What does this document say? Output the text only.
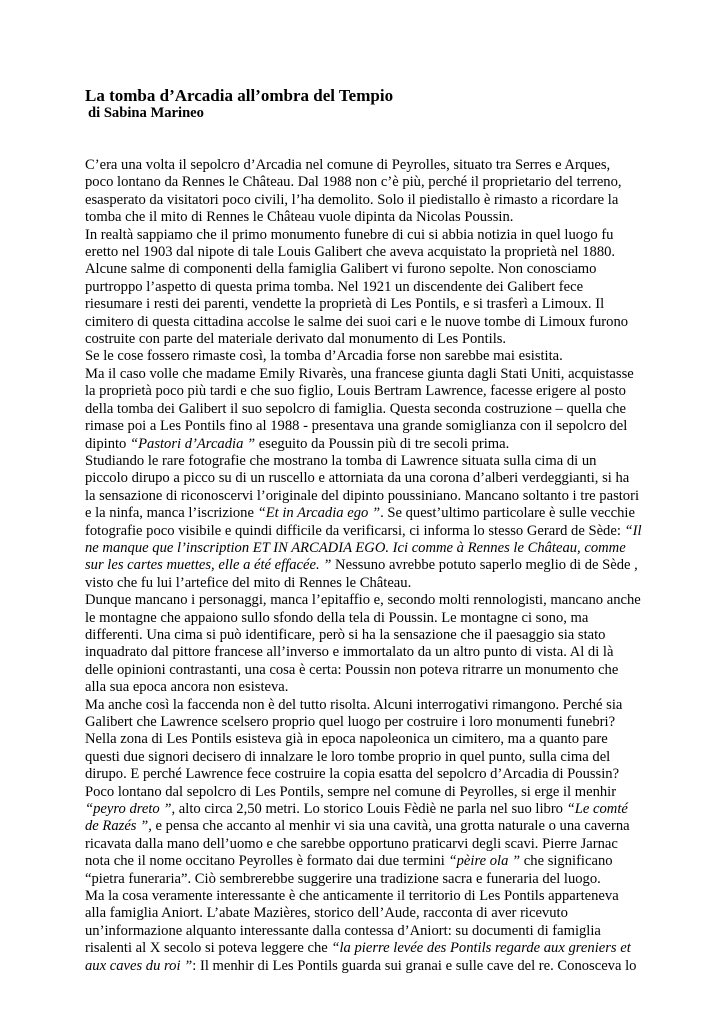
La tomba d’Arcadia all’ombra del Tempio
di Sabina Marineo

C’era una volta il sepolcro d’Arcadia nel comune di Peyrolles, situato tra Serres e Arques, poco lontano da Rennes le Château. Dal 1988 non c’è più, perché il proprietario del terreno, esasperato da visitatori poco civili, l’ha demolito. Solo il piedistallo è rimasto a ricordare la tomba che il mito di Rennes le Château vuole dipinta da Nicolas Poussin.

In realtà sappiamo che il primo monumento funebre di cui si abbia notizia in quel luogo fu eretto nel 1903 dal nipote di tale Louis Galibert che aveva acquistato la proprietà nel 1880. Alcune salme di componenti della famiglia Galibert vi furono sepolte. Non conosciamo purtroppo l’aspetto di questa prima tomba. Nel 1921 un discendente dei Galibert fece riesumare i resti dei parenti, vendette la proprietà di Les Pontils, e si trasferì a Limoux. Il cimitero di questa cittadina accolse le salme dei suoi cari e le nuove tombe di Limoux furono costruite con parte del materiale derivato dal monumento di Les Pontils.

Se le cose fossero rimaste così, la tomba d’Arcadia forse non sarebbe mai esistita.

Ma il caso volle che madame Emily Rivarès, una francese giunta dagli Stati Uniti, acquistasse la proprietà poco più tardi e che suo figlio, Louis Bertram Lawrence, facesse erigere al posto della tomba dei Galibert il suo sepolcro di famiglia. Questa seconda costruzione – quella che rimase poi a Les Pontils fino al 1988 - presentava una grande somiglianza con il sepolcro del dipinto “Pastori d’Arcadia ” eseguito da Poussin più di tre secoli prima.

Studiando le rare fotografie che mostrano la tomba di Lawrence situata sulla cima di un piccolo dirupo a picco su di un ruscello e attorniata da una corona d’alberi verdeggianti, si ha la sensazione di riconoscervi l’originale del dipinto poussiniano. Mancano soltanto i tre pastori e la ninfa, manca l’iscrizione “Et in Arcadia ego ”. Se quest’ultimo particolare è sulle vecchie fotografie poco visibile e quindi difficile da verificarsi, ci informa lo stesso Gerard de Sède: “Il ne manque que l’inscription ET IN ARCADIA EGO. Ici comme à Rennes le Château, comme sur les cartes muettes, elle a été effacée. ” Nessuno avrebbe potuto saperlo meglio di de Sède , visto che fu lui l’artefice del mito di Rennes le Château.

Dunque mancano i personaggi, manca l’epitaffio e, secondo molti rennologisti, mancano anche le montagne che appaiono sullo sfondo della tela di Poussin. Le montagne ci sono, ma differenti. Una cima si può identificare, però si ha la sensazione che il paesaggio sia stato inquadrato dal pittore francese all’inverso e immortalato da un altro punto di vista. Al di là delle opinioni contrastanti, una cosa è certa: Poussin non poteva ritrarre un monumento che alla sua epoca ancora non esisteva.

Ma anche così la faccenda non è del tutto risolta. Alcuni interrogativi rimangono. Perché sia Galibert che Lawrence scelsero proprio quel luogo per costruire i loro monumenti funebri? Nella zona di Les Pontils esisteva già in epoca napoleonica un cimitero, ma a quanto pare questi due signori decisero di innalzare le loro tombe proprio in quel punto, sulla cima del dirupo. E perché Lawrence fece costruire la copia esatta del sepolcro d’Arcadia di Poussin?

Poco lontano dal sepolcro di Les Pontils, sempre nel comune di Peyrolles, si erge il menhir “peyro dreto ”, alto circa 2,50 metri. Lo storico Louis Fèdiè ne parla nel suo libro “Le comté de Razés ”, e pensa che accanto al menhir vi sia una cavità, una grotta naturale o una caverna ricavata dalla mano dell’uomo e che sarebbe opportuno praticarvi degli scavi. Pierre Jarnac nota che il nome occitano Peyrolles è formato dai due termini “pèire ola ” che significano “pietra funeraria”. Ciò sembrerebbe suggerire una tradizione sacra e funeraria del luogo.

Ma la cosa veramente interessante è che anticamente il territorio di Les Pontils apparteneva alla famiglia Aniort. L’abate Mazières, storico dell’Aude, racconta di aver ricevuto un’informazione alquanto interessante dalla contessa d’Aniort: su documenti di famiglia risalenti al X secolo si poteva leggere che “la pierre levée des Pontils regarde aux greniers et aux caves du roi ”: Il menhir di Les Pontils guarda sui granai e sulle cave del re. Conosceva lo
